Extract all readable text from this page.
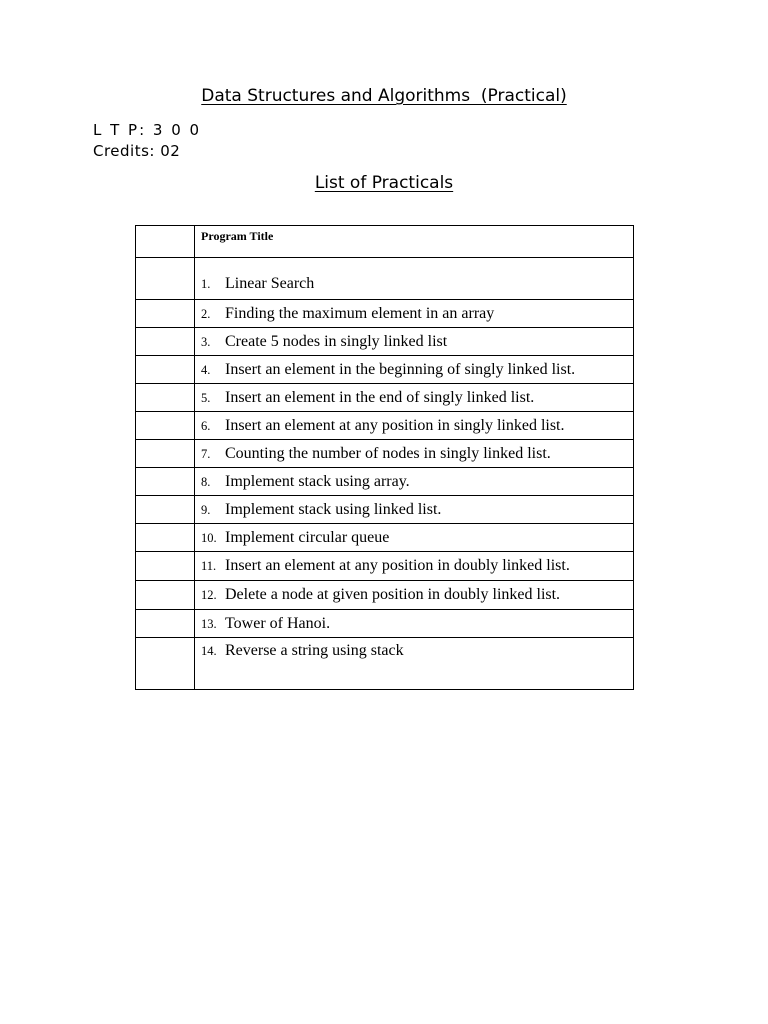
Data Structures and Algorithms  (Practical)
L T P: 3 0 0
Credits: 02
List of Practicals

	Program Title

	1. Linear Search

	2. Finding the maximum element in an array

	3. Create 5 nodes in singly linked list

	4. Insert an element in the beginning of singly linked list.

	5. Insert an element in the end of singly linked list.

	6. Insert an element at any position in singly linked list.

	7. Counting the number of nodes in singly linked list.

	8. Implement stack using array.

	9. Implement stack using linked list.

	10. Implement circular queue

	11. Insert an element at any position in doubly linked list.

	12. Delete a node at given position in doubly linked list.

	13. Tower of Hanoi.

	14. Reverse a string using stack
